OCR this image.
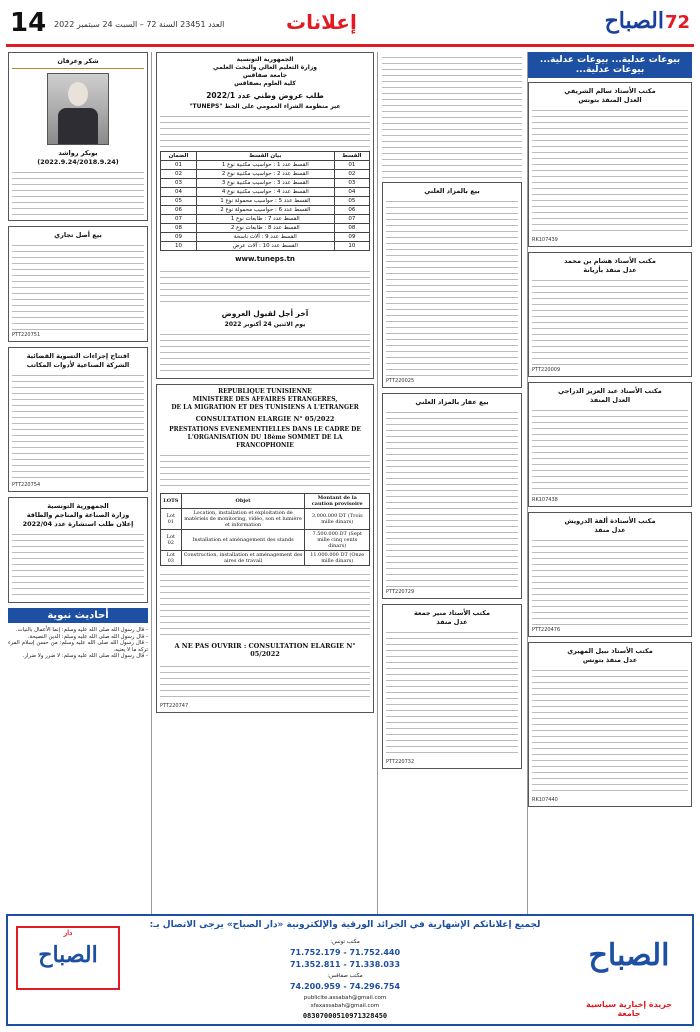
14 العدد 23451 السنة 72 – السبت 24 سبتمبر 2022	إعلانات	الصباح 72
بيوعات عدلية... بيوعات عدلية... بيوعات عدلية...
مكتب الأستاذ سالم الشريفي
العدل المنفذ بتونس
RK107439
مكتب الأستاذ هشام بن محمد
عدل منفذ بأريانة
PTT220009
مكتب الأستاذ عبد العزيز الدراجي
العدل المنفذ
RK107438
مكتب الأستاذة ألفة الدرويش
عدل منفذ
PTT220476
مكتب الأستاذ نبيل المهيري
عدل منفذ بتونس
RK107440
بيع بالمزاد العلني
PTT220025
بيع عقار بالمزاد العلني
PTT220729
مكتب الأستاذ منير جمعة
عدل منفذ
PTT220732
الجمهورية التونسية
وزارة التعليم العالي والبحث العلمي
جامعة صفاقس
كلية العلوم بصفاقس
طلب عروض وطني عدد 2022/1
عبر منظومة الشراء العمومي على الخط "TUNEPS"
القسط	بيان القسط	الضمان
01	القسط عدد 1 : حواسيب مكتبية نوع 1	01
02	القسط عدد 2 : حواسيب مكتبية نوع 2	02
03	القسط عدد 3 : حواسيب مكتبية نوع 3	03
04	القسط عدد 4 : حواسيب مكتبية نوع 4	04
05	القسط عدد 5 : حواسيب محمولة نوع 1	05
06	القسط عدد 6 : حواسيب محمولة نوع 2	06
07	القسط عدد 7 : طابعات نوع 1	07
08	القسط عدد 8 : طابعات نوع 2	08
09	القسط عدد 9 : آلات ناسخة	09
10	القسط عدد 10 : آلات عرض	10
www.tuneps.tn
آخر أجل لقبول العروض
يوم الاثنين 24 أكتوبر 2022
REPUBLIQUE TUNISIENNE
MINISTERE DES AFFAIRES ETRANGERES,
DE LA MIGRATION ET DES TUNISIENS A L'ETRANGER
CONSULTATION ELARGIE N° 05/2022
PRESTATIONS EVENEMENTIELLES DANS LE CADRE DE L'ORGANISATION DU 18ème SOMMET DE LA FRANCOPHONIE
LOTS	Objet	Montant de la caution provisoire
Lot 01	Location, installation et exploitation de matériels de monitoring, vidéo, son et lumière et information	3.000.000 DT (Trois mille dinars)
Lot 02	Installation et aménagement des stands	7.500.000 DT (Sept mille cinq cents dinars)
Lot 03	Construction, installation et aménagement des aires de travail	11.000.000 DT (Onze mille dinars)
A NE PAS OUVRIR : CONSULTATION ELARGIE N° 05/2022
PTT220747
شكر وعرفان
بوبكر رواشد
(2022.9.24/2018.9.24)
بيع أصل تجاري
PTT220751
افتتاح إجراءات التسوية القضائية
الشركة الصناعية لأدوات المكاتب
PTT220754
الجمهورية التونسية
وزارة الصناعة والمناجم والطاقة
إعلان طلب استشارة عدد 2022/04
أحاديث نبوية
- قال رسول الله صلى الله عليه وسلم: إنما الأعمال بالنيات.
- قال رسول الله صلى الله عليه وسلم: الدين النصيحة.
- قال رسول الله صلى الله عليه وسلم: من حسن إسلام المرء تركه ما لا يعنيه.
- قال رسول الله صلى الله عليه وسلم: لا ضرر ولا ضرار.
لجميع إعلاناتكم الإشهارية في الجرائد الورقية والإلكترونية «دار الصباح» يرجى الاتصال بـ:
دار
الصباح	الصباح
جريدة إخبارية سياسية جامعة
مكتب تونس:
71.752.179 - 71.752.440
71.352.811 - 71.338.033
مكتب صفاقس:
74.200.959 - 74.296.754
publicite.assabah@gmail.com
sfaxassabah@gmail.com
08307000510971328450
